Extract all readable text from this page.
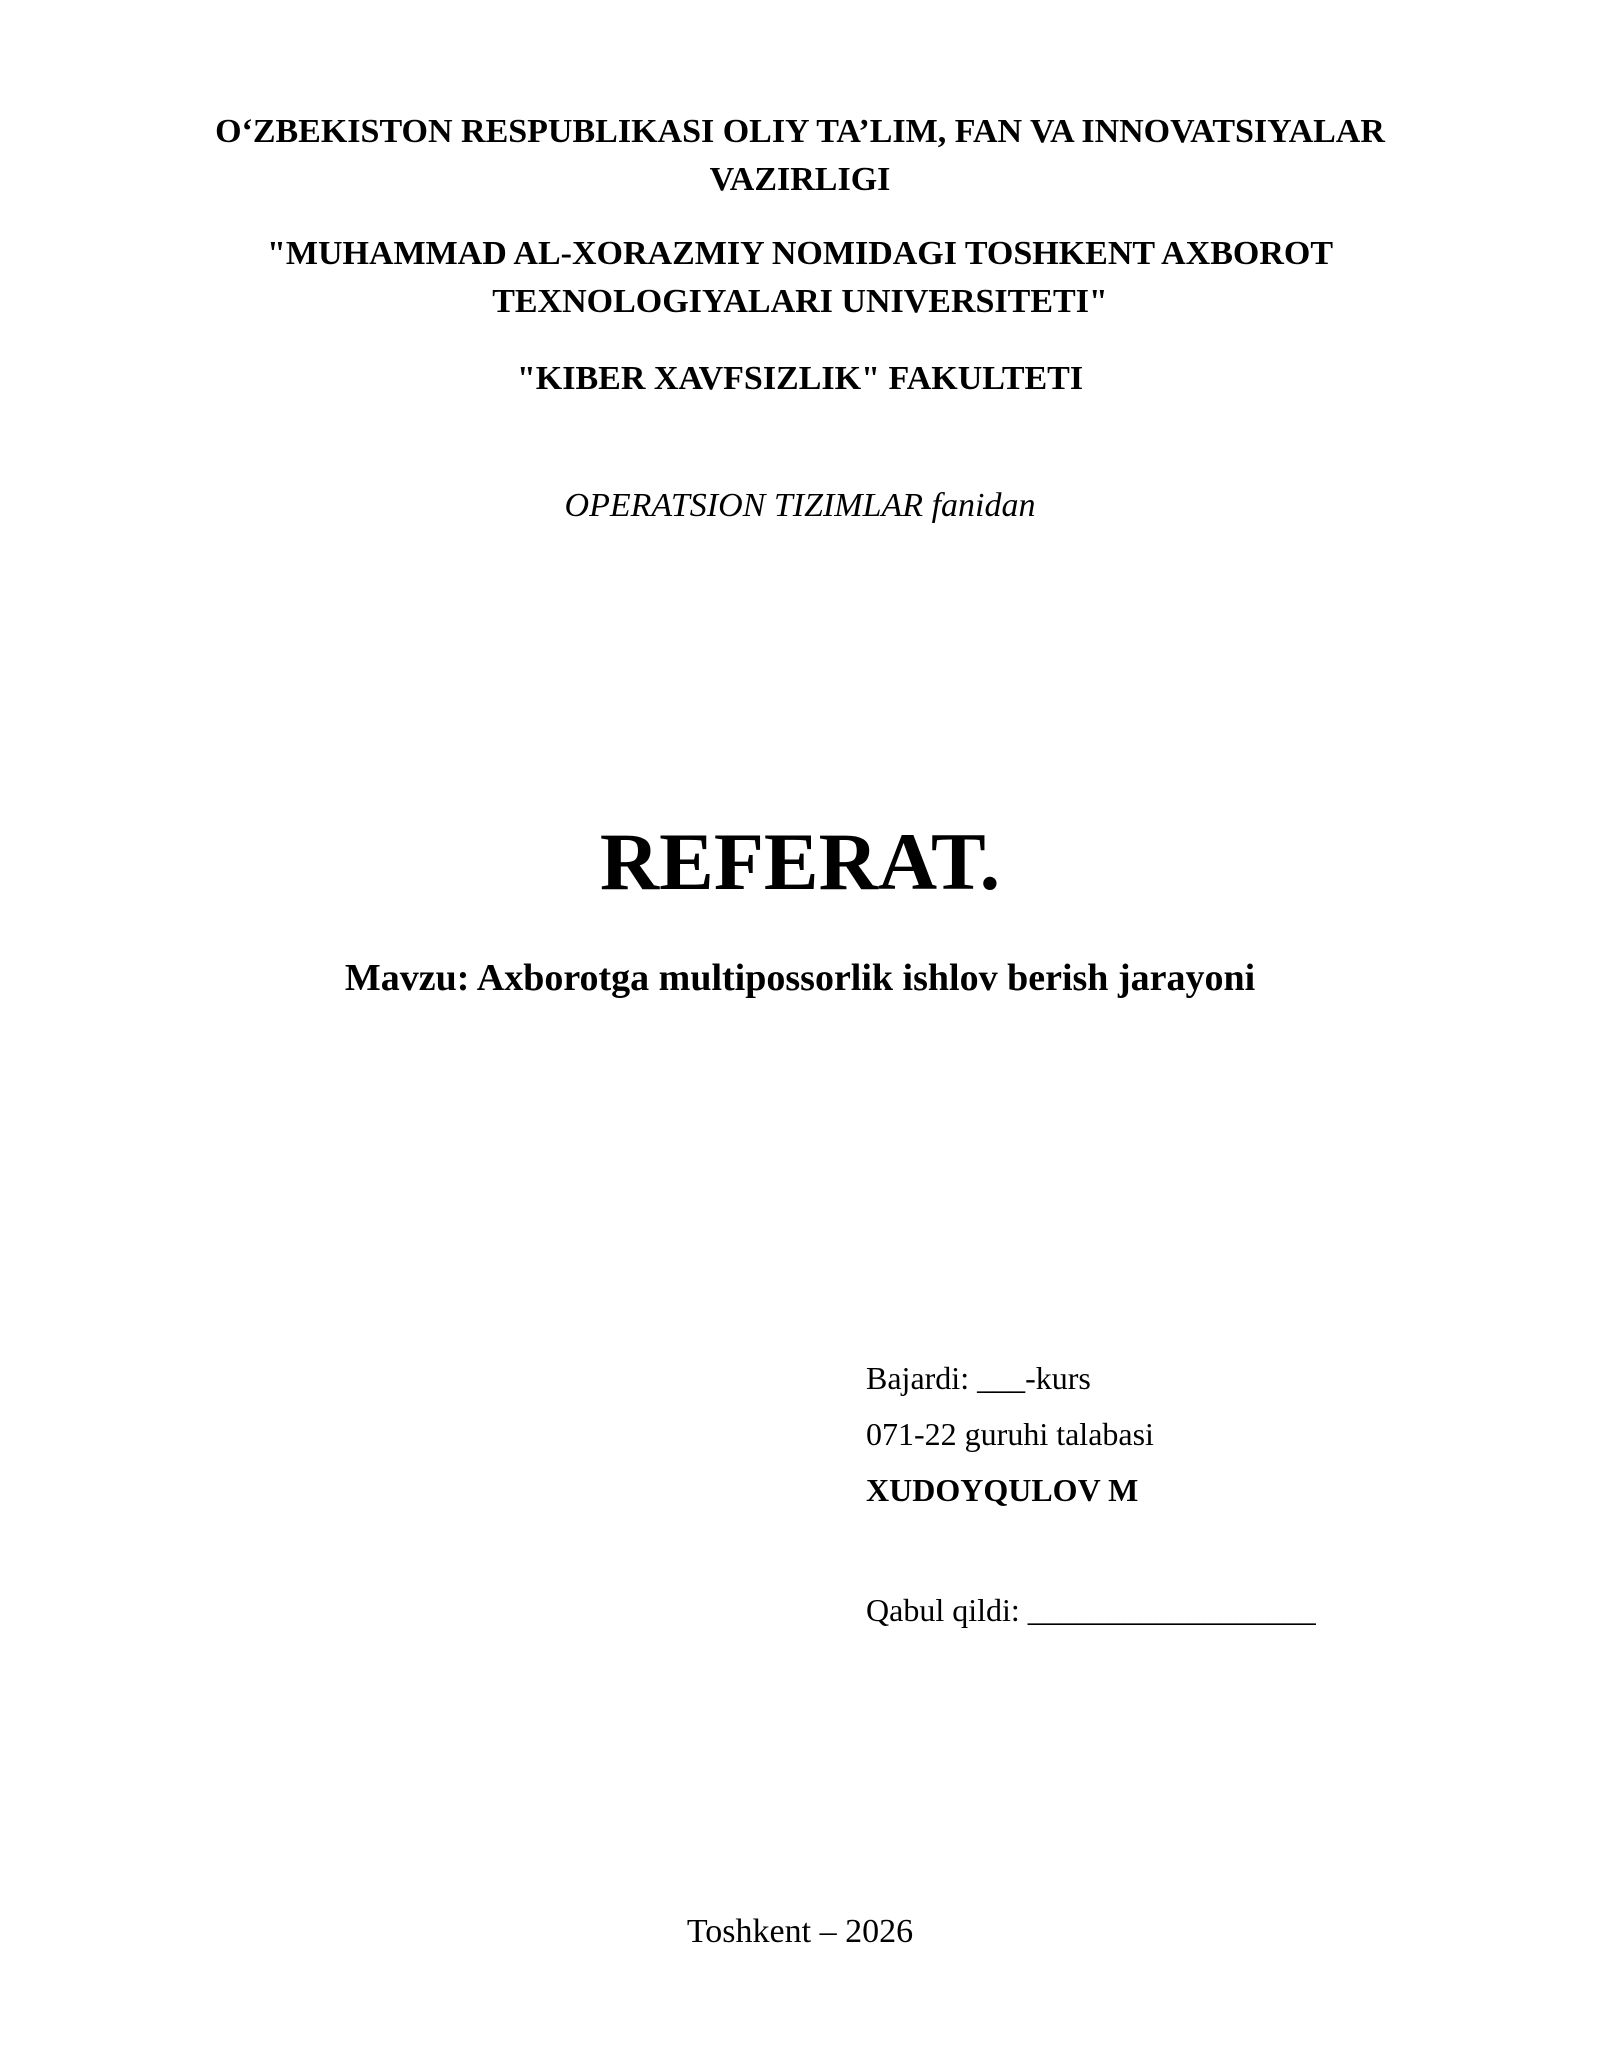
O‘ZBEKISTON RESPUBLIKASI OLIY TA’LIM, FAN VA INNOVATSIYALAR
VAZIRLIGI
"MUHAMMAD AL-XORAZMIY NOMIDAGI TOSHKENT AXBOROT
TEXNOLOGIYALARI UNIVERSITETI"
"KIBER XAVFSIZLIK" FAKULTETI
OPERATSION TIZIMLAR fanidan
REFERAT.
Mavzu: Axborotga multipossorlik ishlov berish jarayoni
Bajardi: ___-kurs
071-22 guruhi talabasi
XUDOYQULOV M
Qabul qildi: __________________
Toshkent – 2026
